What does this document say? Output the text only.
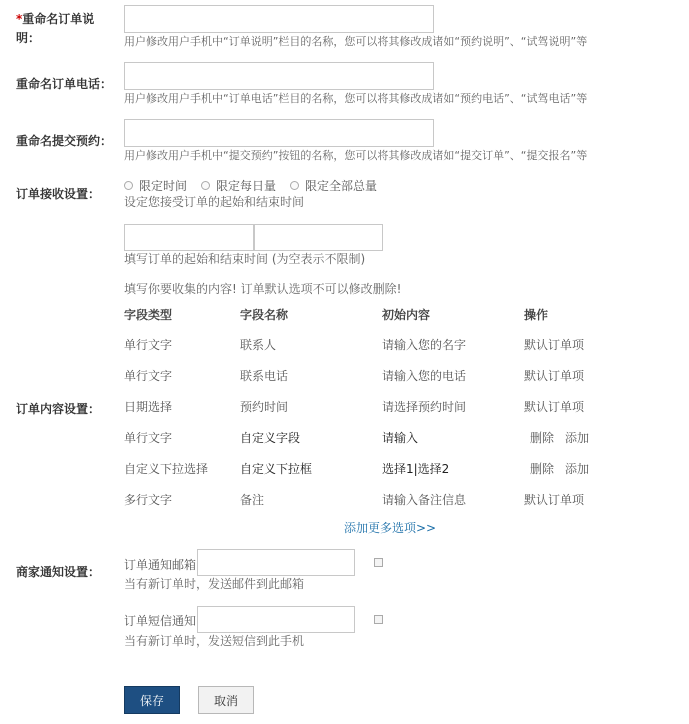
*重命名订单说明：	用户修改用户手机中“订单说明”栏目的名称，您可以将其修改成诸如“预约说明”、“试驾说明”等
重命名订单电话：
用户修改用户手机中“订单电话”栏目的名称，您可以将其修改成诸如“预约电话”、“试驾电话”等
重命名提交预约：
用户修改用户手机中“提交预约”按钮的名称，您可以将其修改成诸如“提交订单”、“提交报名”等
订单接收设置：
限定时间 限定每日量 限定全部总量
设定您接受订单的起始和结束时间
填写订单的起始和结束时间 (为空表示不限制)
填写你要收集的内容! 订单默认选项不可以修改删除!
字段类型	字段名称	初始内容	操作
订单内容设置：
单行文字	联系人	请输入您的名字	默认订单项
单行文字	联系电话	请输入您的电话	默认订单项
日期选择	预约时间	请选择预约时间	默认订单项
单行文字	自定义字段	请输入	删除 添加
自定义下拉选择	自定义下拉框	选择1|选择2	删除 添加
多行文字	备注	请输入备注信息	默认订单项
添加更多选项>>
商家通知设置： 订单通知邮箱
当有新订单时，发送邮件到此邮箱
订单短信通知
当有新订单时，发送短信到此手机
保存	取消
